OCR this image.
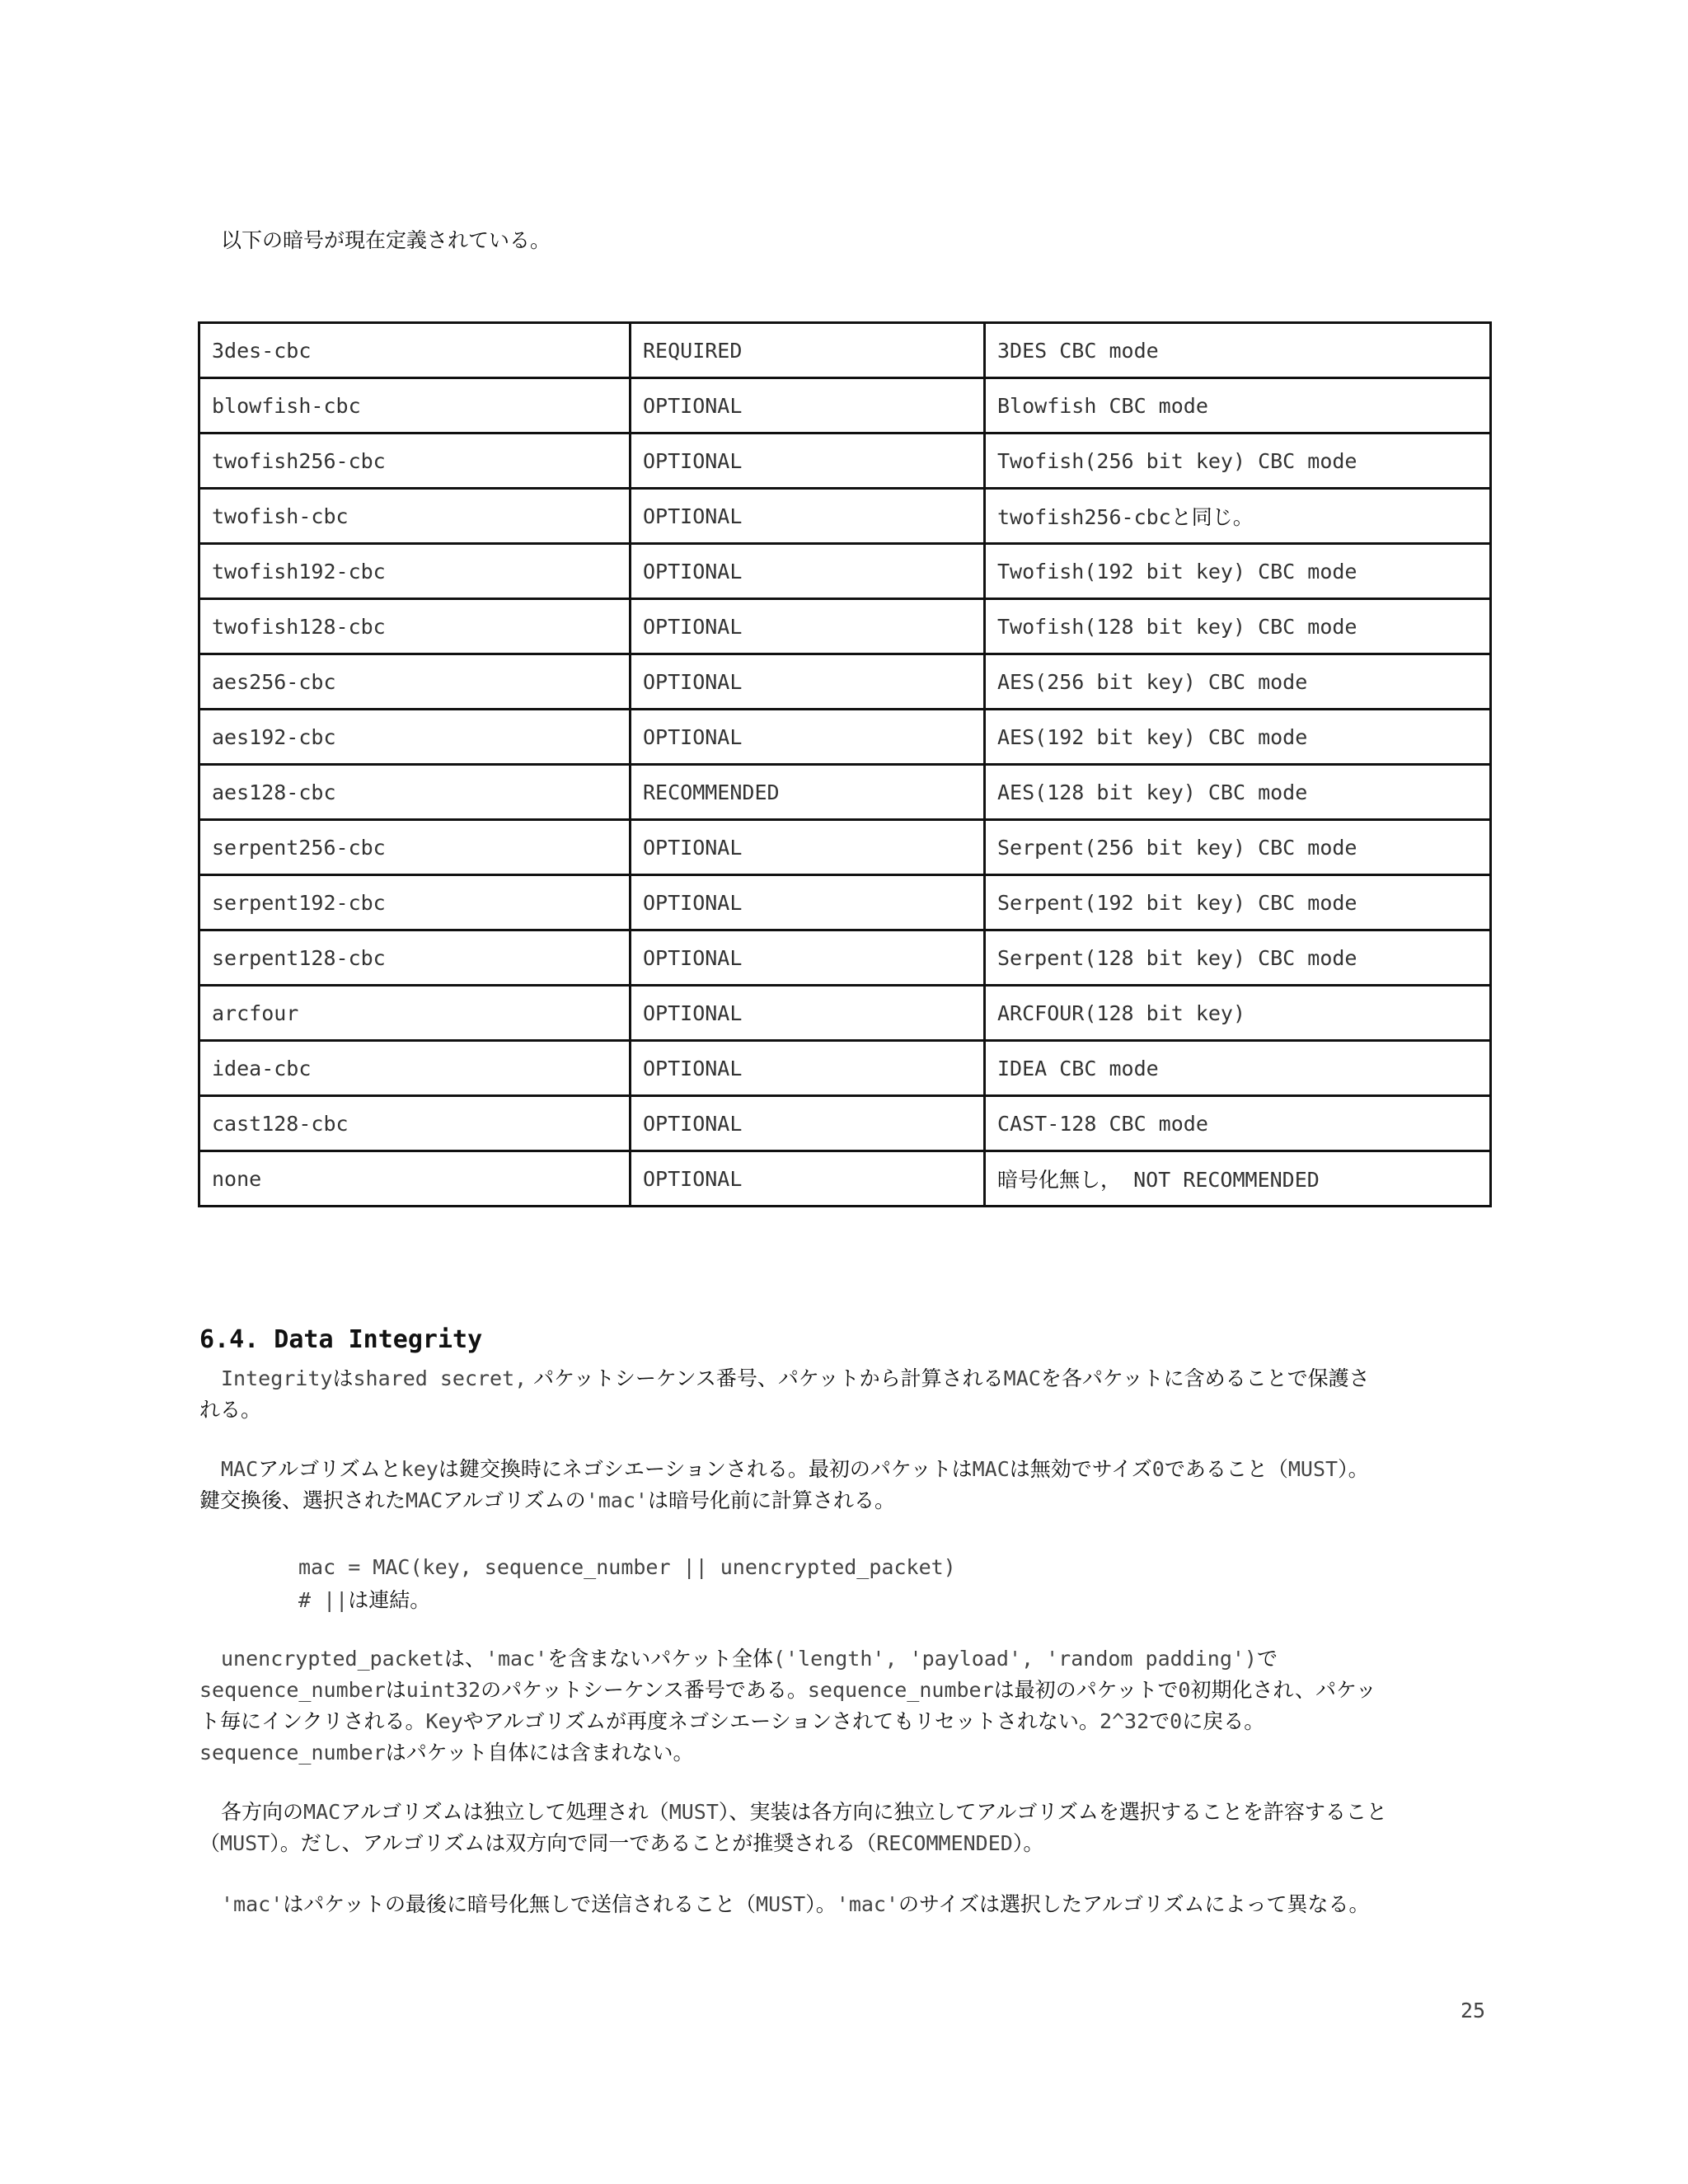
以下の暗号が現在定義されている。
3des-cbc	REQUIRED	3DES CBC mode
blowfish-cbc	OPTIONAL	Blowfish CBC mode
twofish256-cbc	OPTIONAL	Twofish(256 bit key) CBC mode
twofish-cbc	OPTIONAL	twofish256-cbcと同じ。
twofish192-cbc	OPTIONAL	Twofish(192 bit key) CBC mode
twofish128-cbc	OPTIONAL	Twofish(128 bit key) CBC mode
aes256-cbc	OPTIONAL	AES(256 bit key) CBC mode
aes192-cbc	OPTIONAL	AES(192 bit key) CBC mode
aes128-cbc	RECOMMENDED	AES(128 bit key) CBC mode
serpent256-cbc	OPTIONAL	Serpent(256 bit key) CBC mode
serpent192-cbc	OPTIONAL	Serpent(192 bit key) CBC mode
serpent128-cbc	OPTIONAL	Serpent(128 bit key) CBC mode
arcfour	OPTIONAL	ARCFOUR(128 bit key)
idea-cbc	OPTIONAL	IDEA CBC mode
cast128-cbc	OPTIONAL	CAST-128 CBC mode
none	OPTIONAL	暗号化無し， NOT RECOMMENDED
6.4. Data Integrity
Integrityはshared secret, パケットシーケンス番号、パケットから計算されるMACを各パケットに含めることで保護さ
れる。
MACアルゴリズムとkeyは鍵交換時にネゴシエーションされる。最初のパケットはMACは無効でサイズ0であること（MUST）。
鍵交換後、選択されたMACアルゴリズムの'mac'は暗号化前に計算される。
mac = MAC(key, sequence_number || unencrypted_packet)
# ||は連結。
unencrypted_packetは、'mac'を含まないパケット全体('length', 'payload', 'random padding')で
sequence_numberはuint32のパケットシーケンス番号である。sequence_numberは最初のパケットで0初期化され、パケッ
ト毎にインクリされる。Keyやアルゴリズムが再度ネゴシエーションされてもリセットされない。2^32で0に戻る。
sequence_numberはパケット自体には含まれない。
各方向のMACアルゴリズムは独立して処理され（MUST）、実装は各方向に独立してアルゴリズムを選択することを許容すること
（MUST）。だし、アルゴリズムは双方向で同一であることが推奨される（RECOMMENDED）。
'mac'はパケットの最後に暗号化無しで送信されること（MUST）。'mac'のサイズは選択したアルゴリズムによって異なる。
25
